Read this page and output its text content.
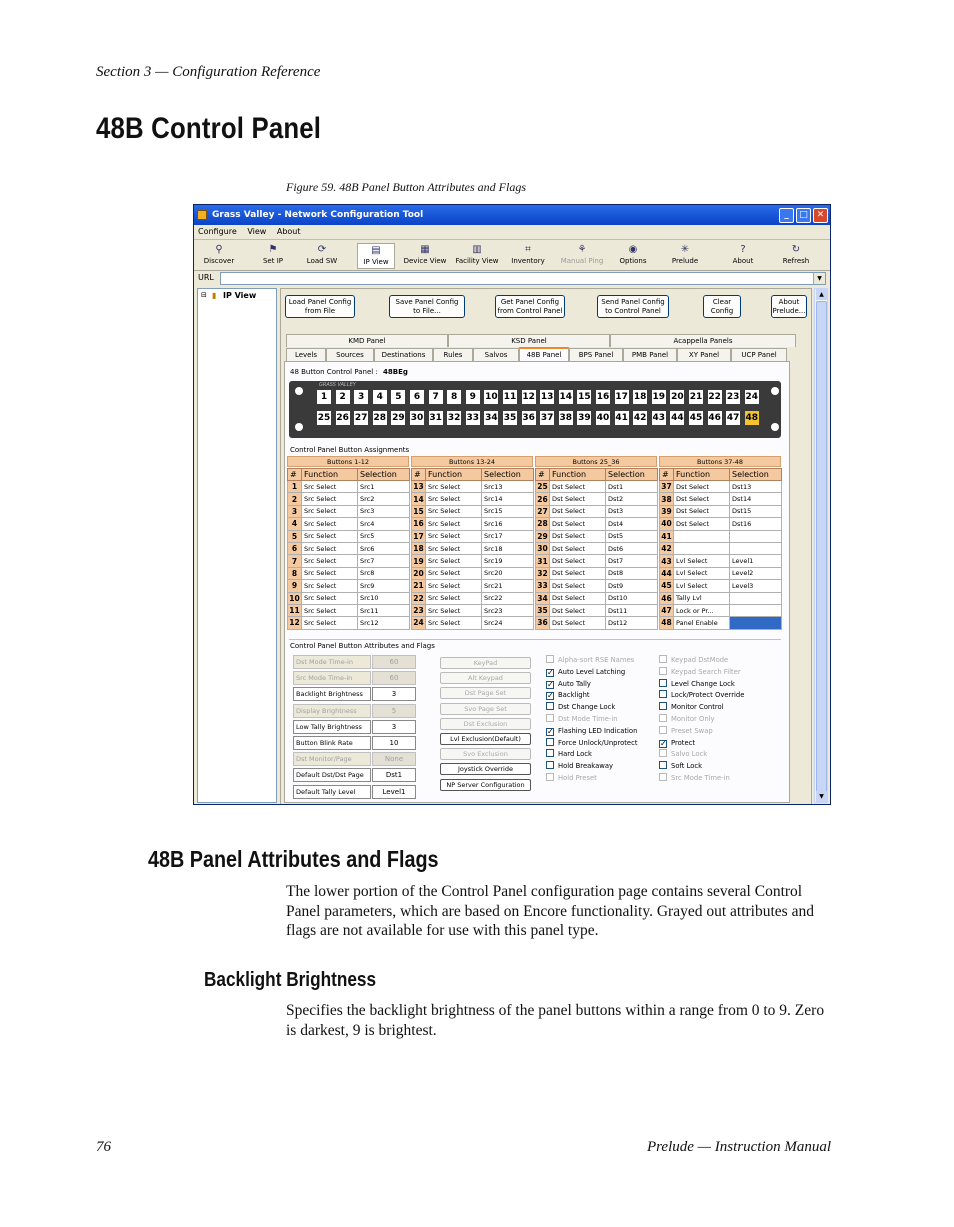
Section 3 — Configuration Reference
48B Control Panel
Figure 59. 48B Panel Button Attributes and Flags
Grass Valley - Network Configuration Tool	_	□ ✕
Configure View About
⚲
Discover
⚑
Set IP
⟳
Load SW
▤
IP View
▦
Device View
▥
Facility View
⌗
Inventory
⚘
Manual Ping
◉
Options
✳
Prelude
?
About
↻
Refresh
URL	▼
⊟ ▮ IP View
Load Panel Config
from File
Save Panel Config
to File...
Get Panel Config
from Control Panel
Send Panel Config
to Control Panel
Clear
Config
About
Prelude...
KMD Panel	KSD Panel	Acappella Panels
Levels	Sources	Destinations	Rules	Salvos	48B Panel	BPS Panel	PMB Panel	XY Panel	UCP Panel
48 Button Control Panel : 48BEg
GRASS VALLEY
1	2	3	4	5	6	7	8	9	10 11 12 13 14 15 16 17 18 19 20 21 22 23 24
25 26 27 28 29 30 31 32 33 34 35 36 37 38 39 40 41 42 43 44 45 46 47 48
Control Panel Button Assignments
Buttons 1-12
#	Function	Selection
1	Src Select	Src1
2	Src Select	Src2
3	Src Select	Src3
4	Src Select	Src4
5	Src Select	Src5
6	Src Select	Src6
7	Src Select	Src7
8	Src Select	Src8
9	Src Select	Src9
10	Src Select	Src10
11	Src Select	Src11
12	Src Select	Src12
Buttons 13-24
#	Function	Selection
13	Src Select	Src13
14	Src Select	Src14
15	Src Select	Src15
16	Src Select	Src16
17	Src Select	Src17
18	Src Select	Src18
19	Src Select	Src19
20	Src Select	Src20
21	Src Select	Src21
22	Src Select	Src22
23	Src Select	Src23
24	Src Select	Src24
Buttons 25_36
#	Function	Selection
25	Dst Select	Dst1
26	Dst Select	Dst2
27	Dst Select	Dst3
28	Dst Select	Dst4
29	Dst Select	Dst5
30	Dst Select	Dst6
31	Dst Select	Dst7
32	Dst Select	Dst8
33	Dst Select	Dst9
34	Dst Select	Dst10
35	Dst Select	Dst11
36	Dst Select	Dst12
Buttons 37-48
#	Function	Selection
37	Dst Select	Dst13
38	Dst Select	Dst14
39	Dst Select	Dst15
40	Dst Select	Dst16
41		
42		
43	Lvl Select	Level1
44	Lvl Select	Level2
45	Lvl Select	Level3
46	Tally Lvl	
47	Lock or Pr...	
48	Panel Enable	
Control Panel Button Attributes and Flags
Dst Mode Time-in	60
Src Mode Time-in	60
Backlight Brightness	3
Display Brightness	5
Low Tally Brightness	3
Button Blink Rate	10
Dst Monitor/Page	None
Default Dst/Dst Page	Dst1
Default Tally Level	Level1
KeyPad
Alt Keypad
Dst Page Set
Svo Page Set
Dst Exclusion
Lvl Exclusion(Default)
Svo Exclusion
Joystick Override
NP Server Configuration
Alpha-sort RSE Names
✓ Auto Level Latching
✓ Auto Tally
✓ Backlight
Dst Change Lock
Dst Mode Time-in
✓ Flashing LED Indication
Force Unlock/Unprotect
Hard Lock
Hold Breakaway
Hold Preset
Keypad DstMode
Keypad Search Filter
Level Change Lock
Lock/Protect Override
Monitor Control
Monitor Only
Preset Swap
✓ Protect
Salvo Lock
Soft Lock
Src Mode Time-in
▲
▼
48B Panel Attributes and Flags
The lower portion of the Control Panel configuration page contains several Control Panel parameters, which are based on Encore functionality. Grayed out attributes and flags are not available for use with this panel type.
Backlight Brightness
Specifies the backlight brightness of the panel buttons within a range from 0 to 9. Zero is darkest, 9 is brightest.
76	Prelude — Instruction Manual
